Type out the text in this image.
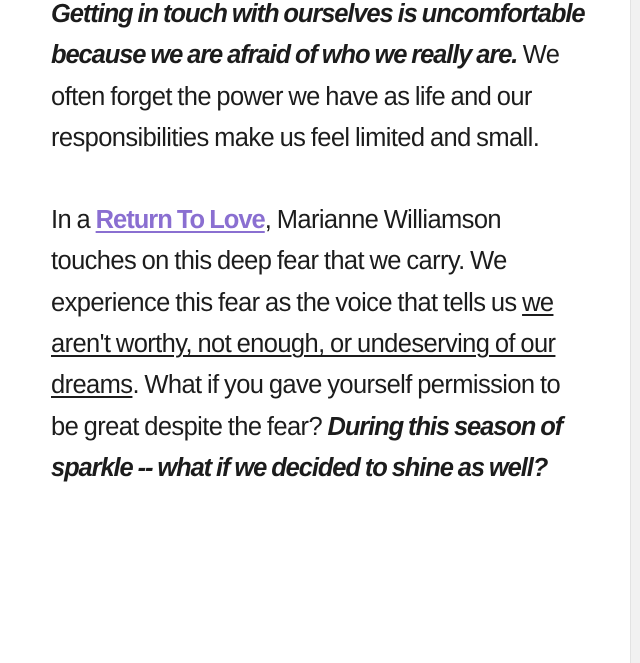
Getting in touch with ourselves is uncomfortable because we are afraid of who we really are. We often forget the power we have as life and our responsibilities make us feel limited and small.

In a Return To Love, Marianne Williamson touches on this deep fear that we carry. We experience this fear as the voice that tells us we aren't worthy, not enough, or undeserving of our dreams. What if you gave yourself permission to be great despite the fear? During this season of sparkle -- what if we decided to shine as well?
